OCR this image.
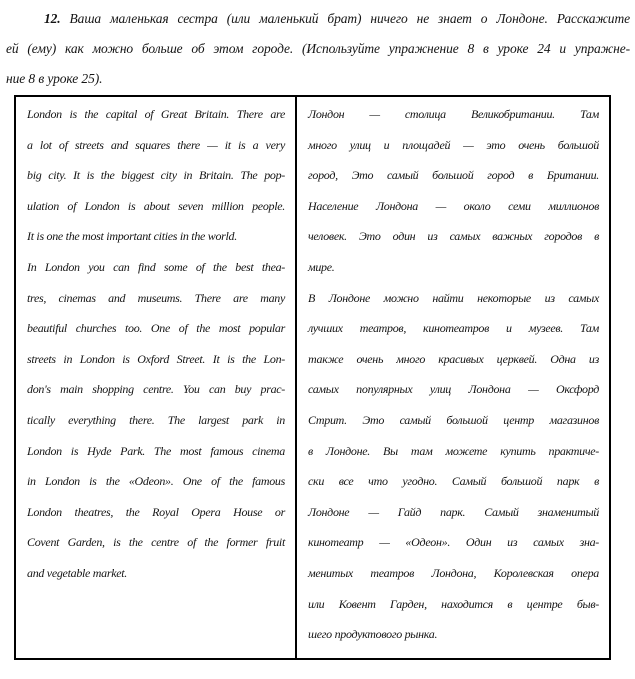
12. Ваша маленькая сестра (или маленький брат) ничего не знает о Лондоне. Расскажите
ей (ему) как можно больше об этом городе. (Используйте упражнение 8 в уроке 24 и упражне-
ние 8 в уроке 25).
London is the capital of Great Britain. There are
a lot of streets and squares there — it is a very
big city. It is the biggest city in Britain. The pop-
ulation of London is about seven million people.
It is one the most important cities in the world.
In London you can find some of the best thea-
tres, cinemas and museums. There are many
beautiful churches too. One of the most popular
streets in London is Oxford Street. It is the Lon-
don's main shopping centre. You can buy prac-
tically everything there. The largest park in
London is Hyde Park. The most famous cinema
in London is the «Odeon». One of the famous
London theatres, the Royal Opera House or
Covent Garden, is the centre of the former fruit
and vegetable market.
Лондон — столица Великобритании. Там
много улиц и площадей — это очень большой
город, Это самый большой город в Британии.
Население Лондона — около семи миллионов
человек. Это один из самых важных городов в
мире.
В Лондоне можно найти некоторые из самых
лучших театров, кинотеатров и музеев. Там
также очень много красивых церквей. Одна из
самых популярных улиц Лондона — Оксфорд
Стрит. Это самый большой центр магазинов
в Лондоне. Вы там можете купить практиче-
ски все что угодно. Самый большой парк в
Лондоне — Гайд парк. Самый знаменитый
кинотеатр — «Одеон». Один из самых зна-
менитых театров Лондона, Королевская опера
или Ковент Гарден, находится в центре быв-
шего продуктового рынка.
